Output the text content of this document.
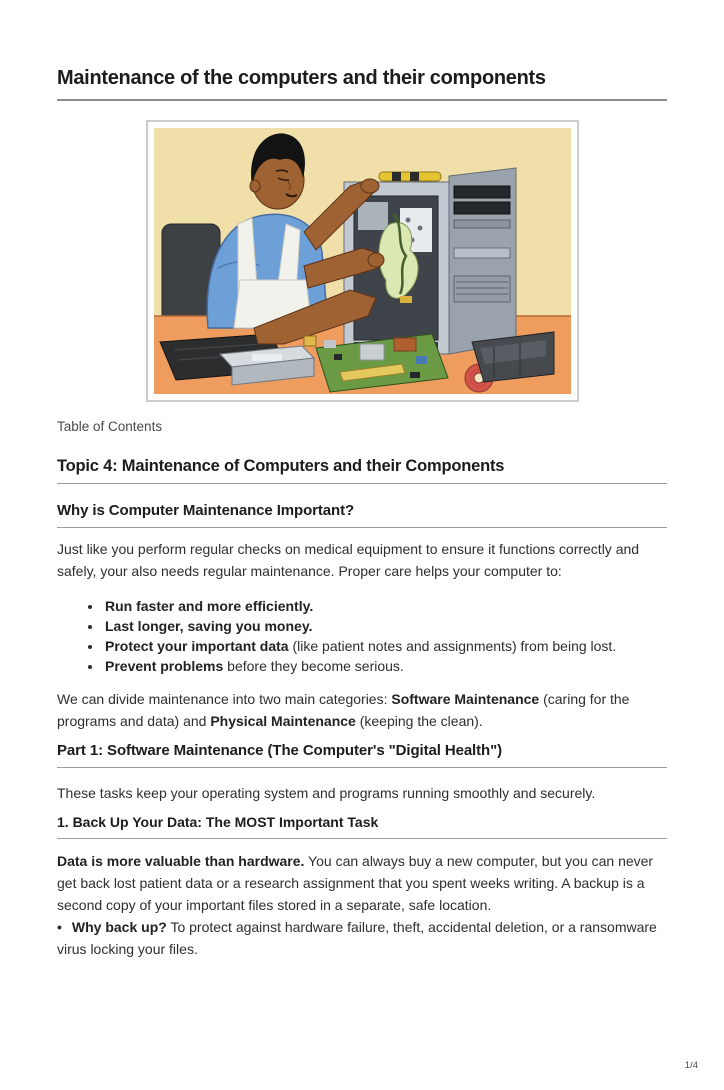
Maintenance of the computers and their components

Table of Contents

Topic 4: Maintenance of Computers and their Components
Why is Computer Maintenance Important?

Just like you perform regular checks on medical equipment to ensure it functions correctly and safely, your also needs regular maintenance. Proper care helps your computer to:

• Run faster and more efficiently.
• Last longer, saving you money.
• Protect your important data (like patient notes and assignments) from being lost.
• Prevent problems before they become serious.

We can divide maintenance into two main categories: Software Maintenance (caring for the programs and data) and Physical Maintenance (keeping the clean).

Part 1: Software Maintenance (The Computer's "Digital Health")

These tasks keep your operating system and programs running smoothly and securely.

1. Back Up Your Data: The MOST Important Task

Data is more valuable than hardware. You can always buy a new computer, but you can never get back lost patient data or a research assignment that you spent weeks writing. A backup is a second copy of your important files stored in a separate, safe location.

• Why back up? To protect against hardware failure, theft, accidental deletion, or a ransomware virus locking your files.

1/4
